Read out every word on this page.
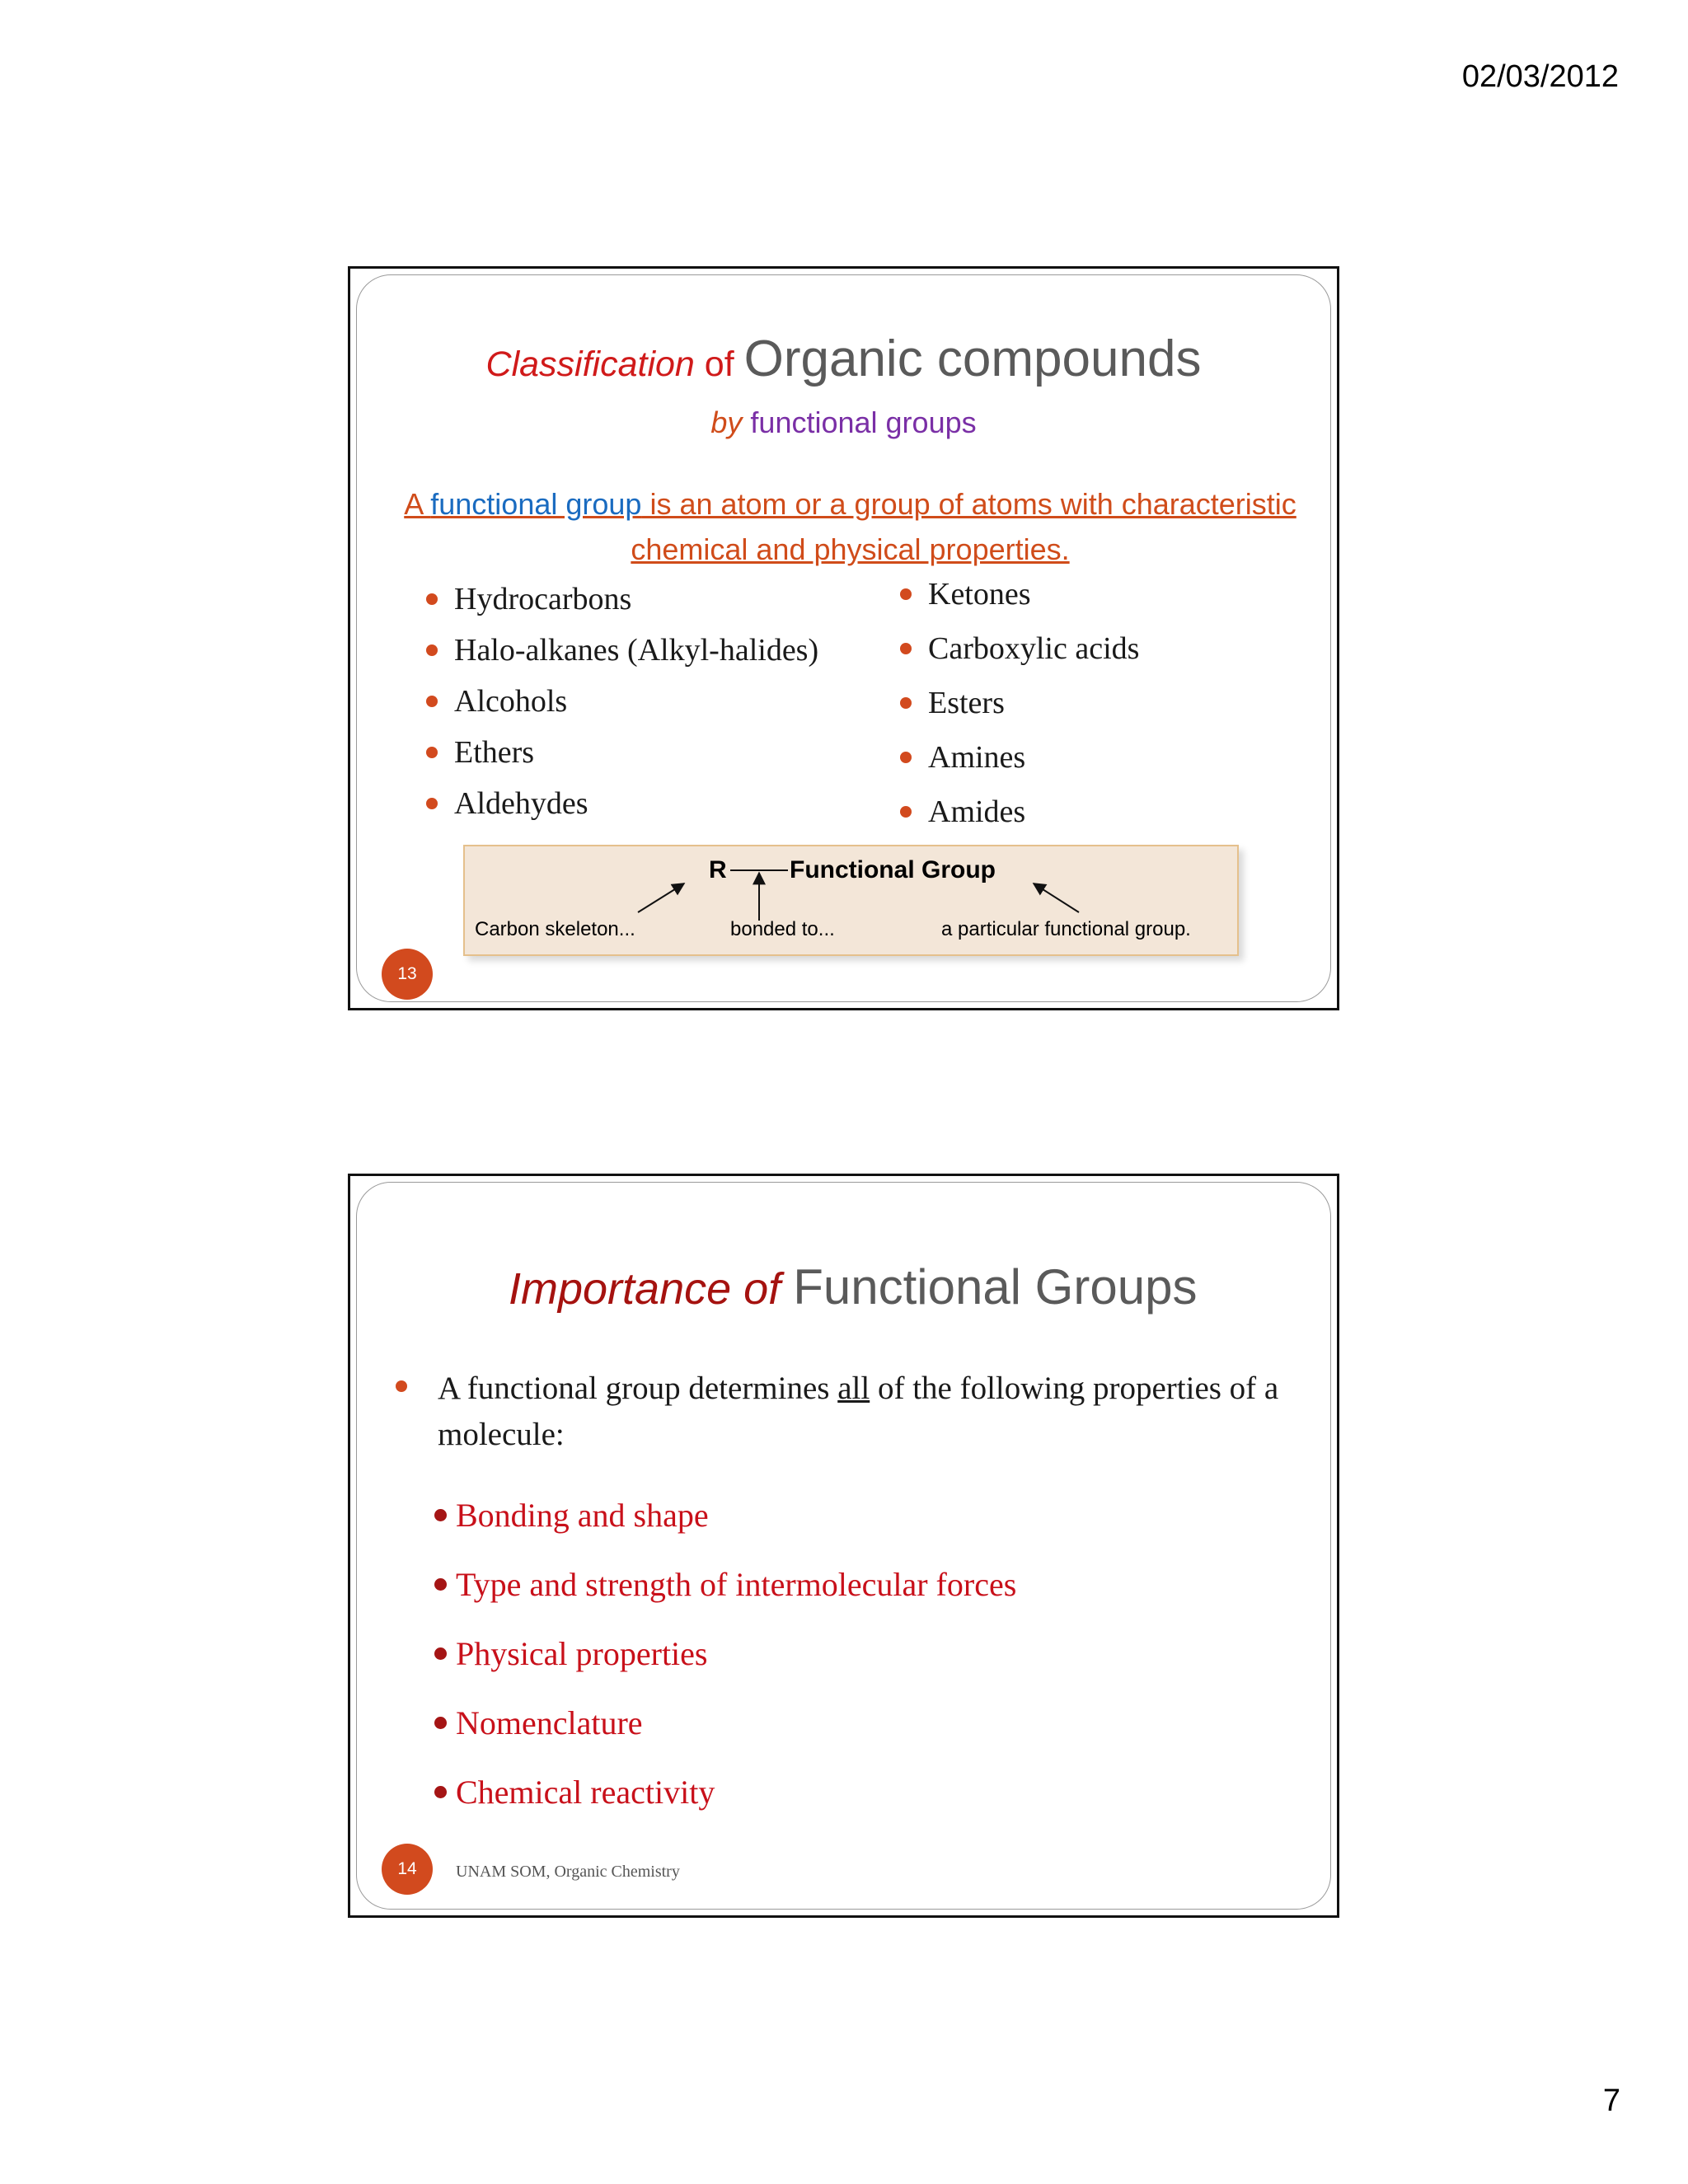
02/03/2012
Classification of Organic compounds
by functional groups
A functional group is an atom or a group of atoms with characteristic chemical and physical properties.
Hydrocarbons
Halo-alkanes (Alkyl-halides)
Alcohols
Ethers
Aldehydes
Ketones
Carboxylic acids
Esters
Amines
Amides
R	Functional Group
Carbon skeleton...	bonded to...	a particular functional group.
13
Importance of Functional Groups
A functional group determines all of the following properties of a molecule:
Bonding and shape
Type and strength of intermolecular forces
Physical properties
Nomenclature
Chemical reactivity
14	UNAM SOM, Organic Chemistry
7
